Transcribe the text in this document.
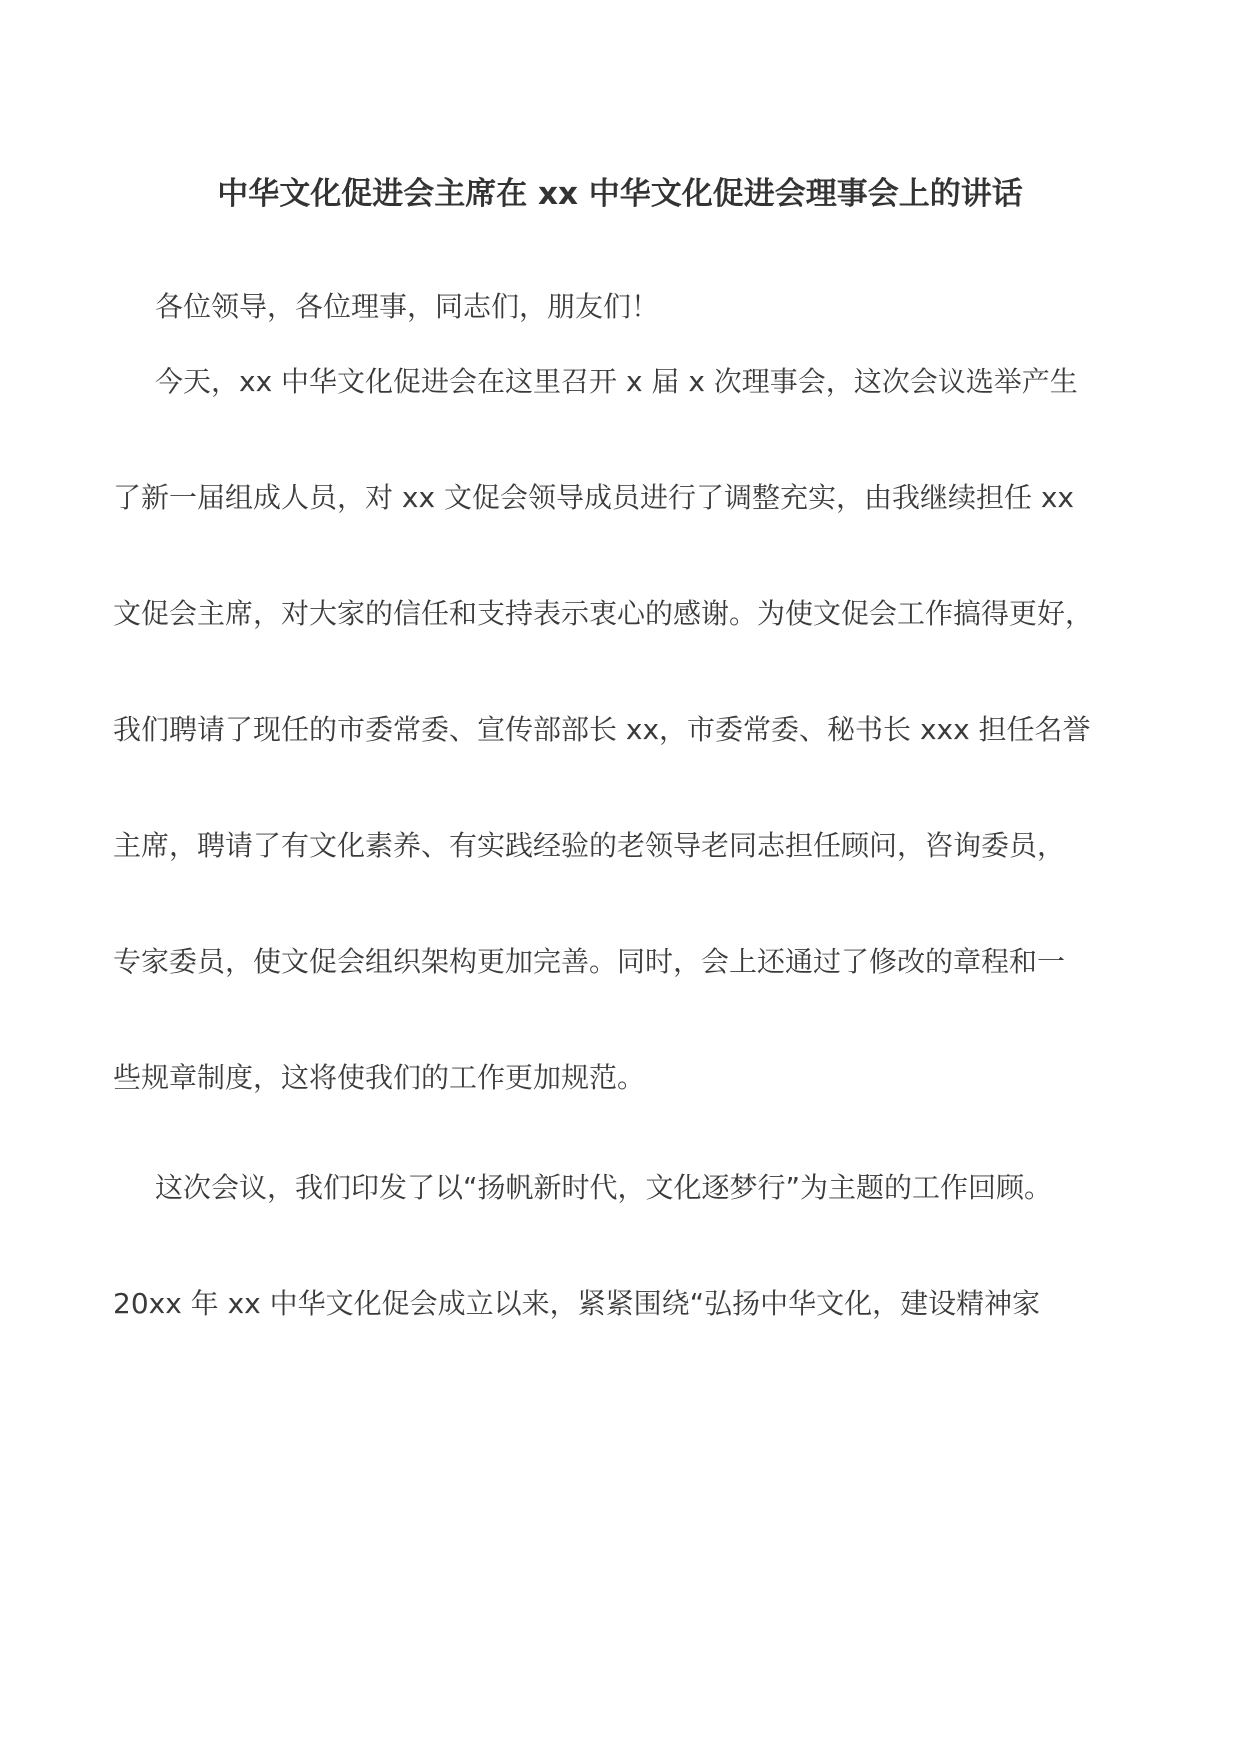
中华文化促进会主席在 xx 中华文化促进会理事会上的讲话
各位领导，各位理事，同志们，朋友们！
今天，xx 中华文化促进会在这里召开 x 届 x 次理事会，这次会议选举产生
了新一届组成人员，对 xx 文促会领导成员进行了调整充实，由我继续担任 xx
文促会主席，对大家的信任和支持表示衷心的感谢。为使文促会工作搞得更好，
我们聘请了现任的市委常委、宣传部部长 xx，市委常委、秘书长 xxx 担任名誉
主席，聘请了有文化素养、有实践经验的老领导老同志担任顾问，咨询委员，
专家委员，使文促会组织架构更加完善。同时，会上还通过了修改的章程和一
些规章制度，这将使我们的工作更加规范。
这次会议，我们印发了以“扬帆新时代，文化逐梦行”为主题的工作回顾。
20xx 年 xx 中华文化促会成立以来，紧紧围绕“弘扬中华文化，建设精神家
